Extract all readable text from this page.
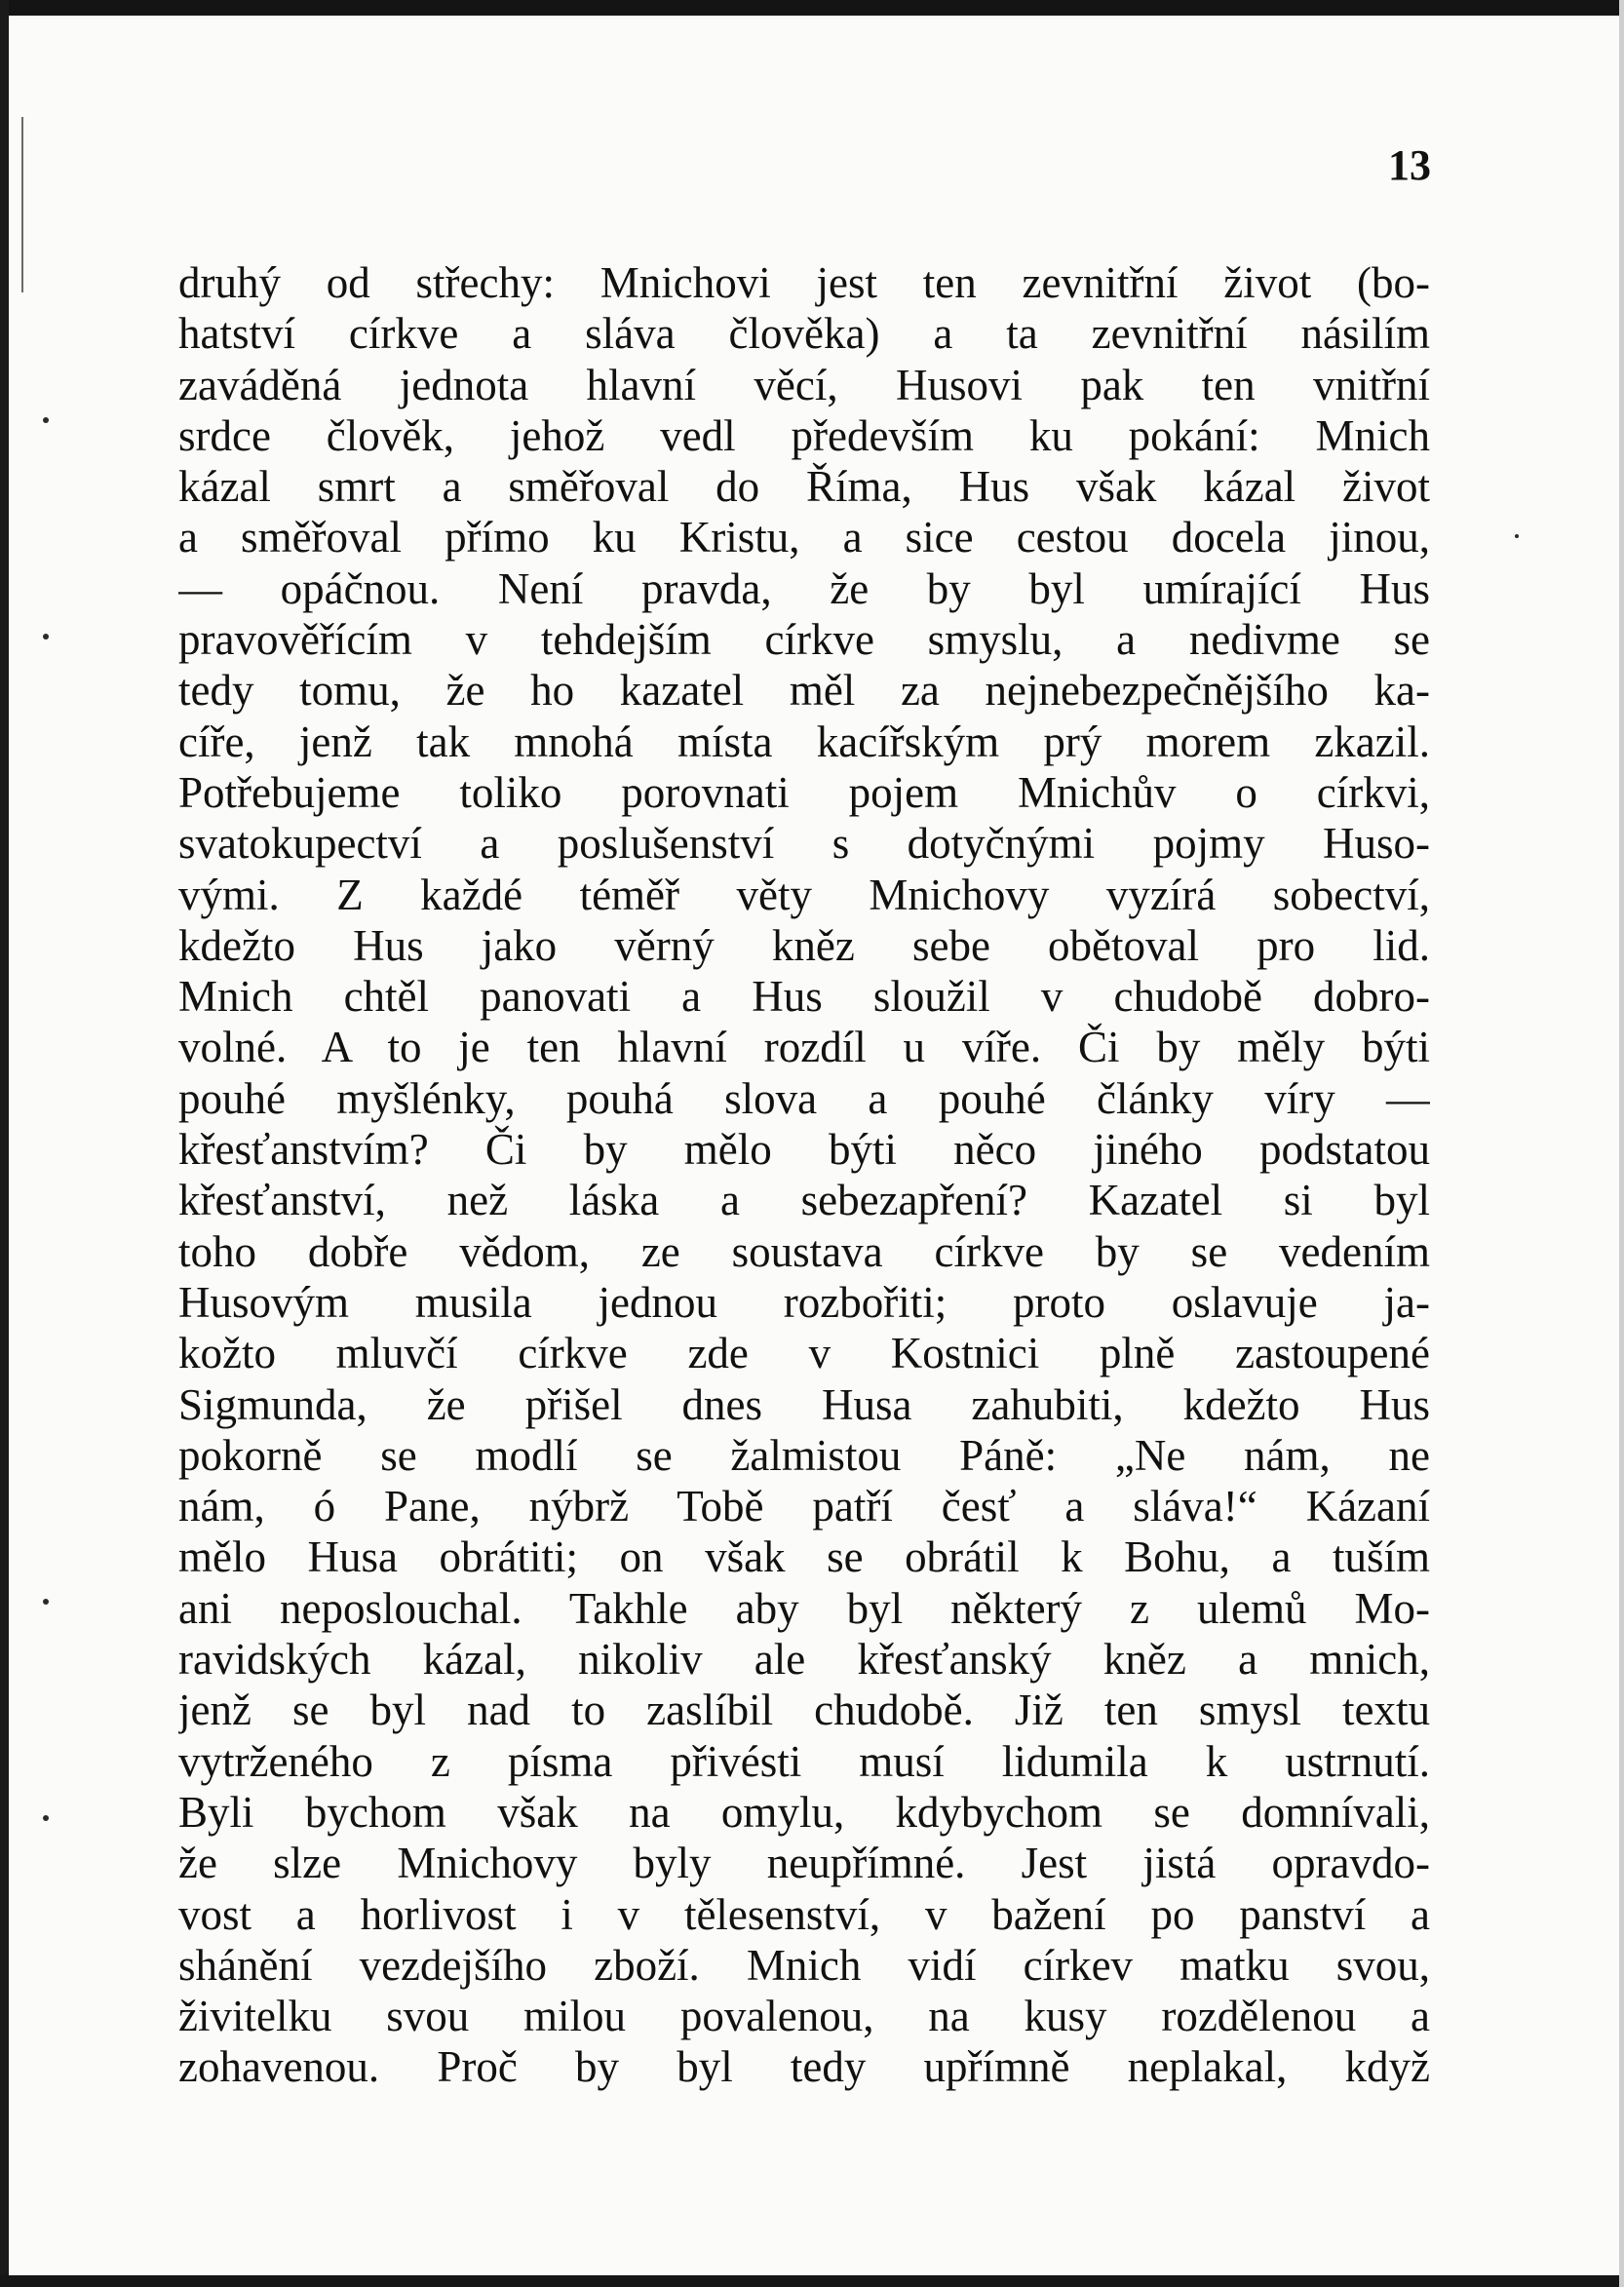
13
druhý od střechy: Mnichovi jest ten zevnitřní život (bo-
hatství církve a sláva člověka) a ta zevnitřní násilím
zaváděná jednota hlavní věcí, Husovi pak ten vnitřní
srdce člověk, jehož vedl především ku pokání: Mnich
kázal smrt a směřoval do Říma, Hus však kázal život
a směřoval přímo ku Kristu, a sice cestou docela jinou,
— opáčnou. Není pravda, že by byl umírající Hus
pravověřícím v tehdejším církve smyslu, a nedivme se
tedy tomu, že ho kazatel měl za nejnebezpečnějšího ka-
cíře, jenž tak mnohá místa kacířským prý morem zkazil.
Potřebujeme toliko porovnati pojem Mnichův o církvi,
svatokupectví a poslušenství s dotyčnými pojmy Huso-
vými. Z každé téměř věty Mnichovy vyzírá sobectví,
kdežto Hus jako věrný kněz sebe obětoval pro lid.
Mnich chtěl panovati a Hus sloužil v chudobě dobro-
volné. A to je ten hlavní rozdíl u víře. Či by měly býti
pouhé myšlénky, pouhá slova a pouhé články víry —
křesťanstvím? Či by mělo býti něco jiného podstatou
křesťanství, než láska a sebezapření? Kazatel si byl
toho dobře vědom, ze soustava církve by se vedením
Husovým musila jednou rozbořiti; proto oslavuje ja-
kožto mluvčí církve zde v Kostnici plně zastoupené
Sigmunda, že přišel dnes Husa zahubiti, kdežto Hus
pokorně se modlí se žalmistou Páně: „Ne nám, ne
nám, ó Pane, nýbrž Tobě patří česť a sláva!“ Kázaní
mělo Husa obrátiti; on však se obrátil k Bohu, a tuším
ani neposlouchal. Takhle aby byl některý z ulemů Mo-
ravidských kázal, nikoliv ale křesťanský kněz a mnich,
jenž se byl nad to zaslíbil chudobě. Již ten smysl textu
vytrženého z písma přivésti musí lidumila k ustrnutí.
Byli bychom však na omylu, kdybychom se domnívali,
že slze Mnichovy byly neupřímné. Jest jistá opravdo-
vost a horlivost i v tělesenství, v bažení po panství a
shánění vezdejšího zboží. Mnich vidí církev matku svou,
živitelku svou milou povalenou, na kusy rozdělenou a
zohavenou. Proč by byl tedy upřímně neplakal, když
